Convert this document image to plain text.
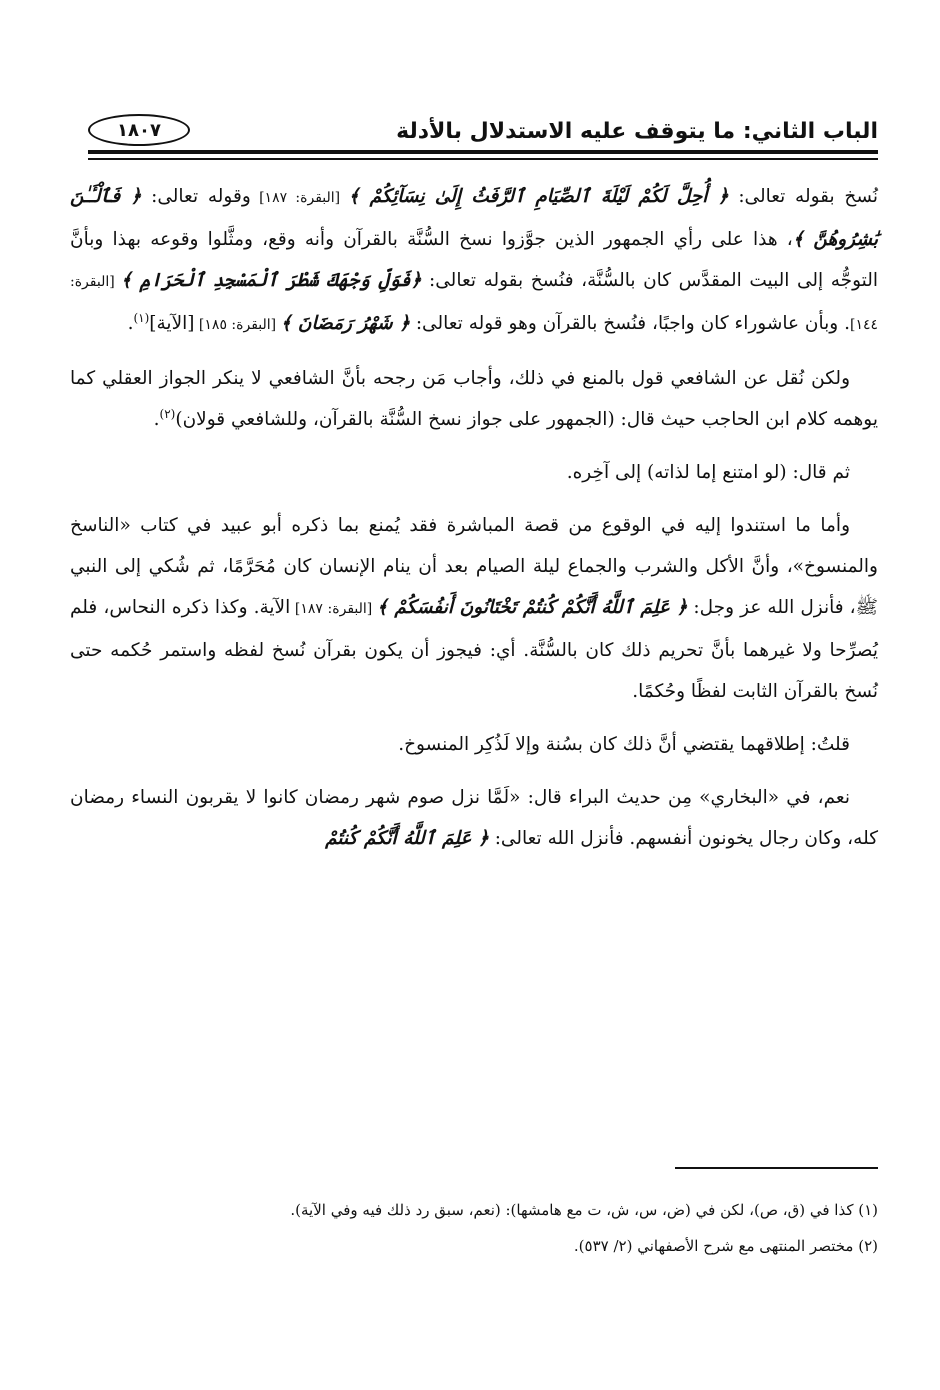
الباب الثاني: ما يتوقف عليه الاستدلال بالأدلة
١٨٠٧

نُسخ بقوله تعالى: ﴿ أُحِلَّ لَكُمْ لَيْلَةَ ٱلصِّيَامِ ٱلرَّفَثُ إِلَىٰ نِسَآئِكُمْ ﴾ [البقرة: ١٨٧] وقوله تعالى: ﴿ فَٱلْـَٔـٰنَ بَٰشِرُوهُنَّ ﴾، هذا على رأي الجمهور الذين جوَّزوا نسخ السُّنَّة بالقرآن وأنه وقع، ومثَّلوا وقوعه بهذا وبأنَّ التوجُّه إلى البيت المقدَّس كان بالسُّنَّة، فنُسخ بقوله تعالى: ﴿فَوَلِّ وَجْهَكَ شَطْرَ ٱلْمَسْجِدِ ٱلْحَرَامِ ﴾ [البقرة: ١٤٤]. وبأن عاشوراء كان واجبًا، فنُسخ بالقرآن وهو قوله تعالى: ﴿ شَهْرُ رَمَضَانَ ﴾ [البقرة: ١٨٥] [الآية]$^{(١)}$.

ولكن نُقل عن الشافعي قول بالمنع في ذلك، وأجاب مَن رجحه بأنَّ الشافعي لا ينكر الجواز العقلي كما يوهمه كلام ابن الحاجب حيث قال: (الجمهور على جواز نسخ السُّنَّة بالقرآن، وللشافعي قولان)$^{(٢)}$.

ثم قال: (لو امتنع إما لذاته) إلى آخِره.

وأما ما استندوا إليه في الوقوع من قصة المباشرة فقد يُمنع بما ذكره أبو عبيد في كتاب «الناسخ والمنسوخ»، وأنَّ الأكل والشرب والجماع ليلة الصيام بعد أن ينام الإنسان كان مُحَرَّمًا، ثم شُكي إلى النبي ﷺ، فأنزل الله عز وجل: ﴿ عَلِمَ ٱللَّهُ أَنَّكُمْ كُنتُمْ تَخْتَانُونَ أَنفُسَكُمْ ﴾ [البقرة: ١٨٧] الآية. وكذا ذكره النحاس، فلم يُصرِّحا ولا غيرهما بأنَّ تحريم ذلك كان بالسُّنَّة. أي: فيجوز أن يكون بقرآن نُسخ لفظه واستمر حُكمه حتى نُسخ بالقرآن الثابت لفظًا وحُكمًا.

قلتُ: إطلاقهما يقتضي أنَّ ذلك كان بسُنة وإلا لَذُكِر المنسوخ.

نعم، في «البخاري» مِن حديث البراء قال: «لَمَّا نزل صوم شهر رمضان كانوا لا يقربون النساء رمضان كله، وكان رجال يخونون أنفسهم. فأنزل الله تعالى: ﴿ عَلِمَ ٱللَّهُ أَنَّكُمْ كُنتُمْ

(١) كذا في (ق، ص)، لكن في (ض، س، ش، ت مع هامشها): (نعم، سبق رد ذلك فيه وفي الآية).
(٢) مختصر المنتهى مع شرح الأصفهاني (٢/ ٥٣٧).
